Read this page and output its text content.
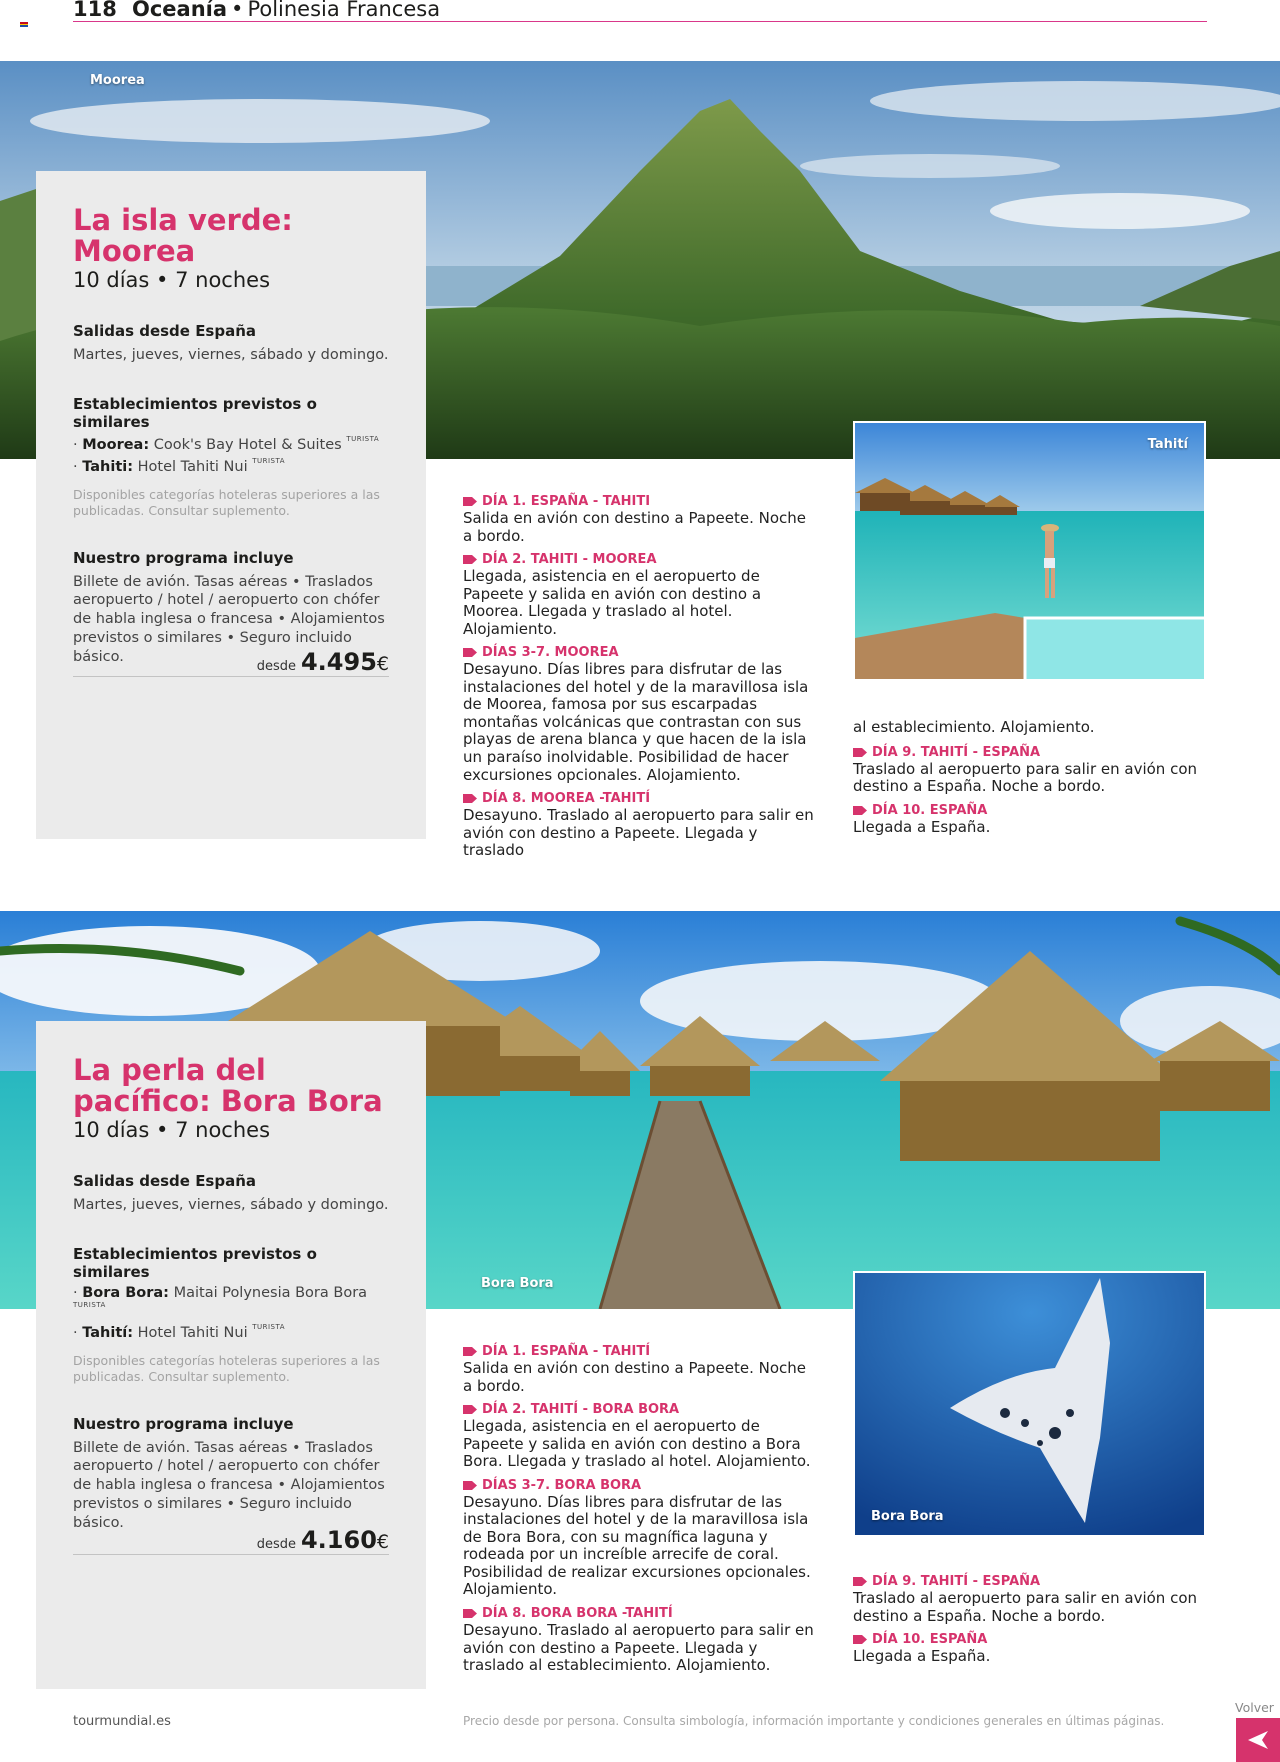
118 Oceanía • Polinesia Francesa
Moorea
La isla verde: Moorea
10 días • 7 noches
Salidas desde España
Martes, jueves, viernes, sábado y domingo.
Establecimientos previstos o similares
· Moorea: Cook's Bay Hotel & Suites $^{TURISTA}$
· Tahiti: Hotel Tahiti Nui $^{TURISTA}$
Disponibles categorías hoteleras superiores a las publicadas. Consultar suplemento.
Nuestro programa incluye
Billete de avión. Tasas aéreas • Traslados aeropuerto / hotel / aeropuerto con chófer de habla inglesa o francesa • Alojamientos previstos o similares • Seguro incluido básico.
desde 4.495€
DÍA 1. ESPAÑA - TAHITI
Salida en avión con destino a Papeete. Noche a bordo.
DÍA 2. TAHITI - MOOREA
Llegada, asistencia en el aeropuerto de Papeete y salida en avión con destino a Moorea. Llegada y traslado al hotel. Alojamiento.
DÍAS 3-7. MOOREA
Desayuno. Días libres para disfrutar de las instalaciones del hotel y de la maravillosa isla de Moorea, famosa por sus escarpadas montañas volcánicas que contrastan con sus playas de arena blanca y que hacen de la isla un paraíso inolvidable. Posibilidad de hacer excursiones opcionales. Alojamiento.
DÍA 8. MOOREA -TAHITÍ
Desayuno. Traslado al aeropuerto para salir en avión con destino a Papeete. Llegada y traslado
Tahití
al establecimiento. Alojamiento.
DÍA 9. TAHITÍ - ESPAÑA
Traslado al aeropuerto para salir en avión con destino a España. Noche a bordo.
DÍA 10. ESPAÑA
Llegada a España.
Bora Bora
La perla del pacífico: Bora Bora
10 días • 7 noches
Salidas desde España
Martes, jueves, viernes, sábado y domingo.
Establecimientos previstos o similares
· Bora Bora: Maitai Polynesia Bora Bora $^{TURISTA}$
· Tahití: Hotel Tahiti Nui $^{TURISTA}$
Disponibles categorías hoteleras superiores a las publicadas. Consultar suplemento.
Nuestro programa incluye
Billete de avión. Tasas aéreas • Traslados aeropuerto / hotel / aeropuerto con chófer de habla inglesa o francesa • Alojamientos previstos o similares • Seguro incluido básico.
desde 4.160€
DÍA 1. ESPAÑA - TAHITÍ
Salida en avión con destino a Papeete. Noche a bordo.
DÍA 2. TAHITÍ - BORA BORA
Llegada, asistencia en el aeropuerto de Papeete y salida en avión con destino a Bora Bora. Llegada y traslado al hotel. Alojamiento.
DÍAS 3-7. BORA BORA
Desayuno. Días libres para disfrutar de las instalaciones del hotel y de la maravillosa isla de Bora Bora, con su magnífica laguna y rodeada por un increíble arrecife de coral. Posibilidad de realizar excursiones opcionales. Alojamiento.
DÍA 8. BORA BORA -TAHITÍ
Desayuno. Traslado al aeropuerto para salir en avión con destino a Papeete. Llegada y traslado al establecimiento. Alojamiento.
Bora Bora
DÍA 9. TAHITÍ - ESPAÑA
Traslado al aeropuerto para salir en avión con destino a España. Noche a bordo.
DÍA 10. ESPAÑA
Llegada a España.
tourmundial.es	Precio desde por persona. Consulta simbología, información importante y condiciones generales en últimas páginas.
Volver
